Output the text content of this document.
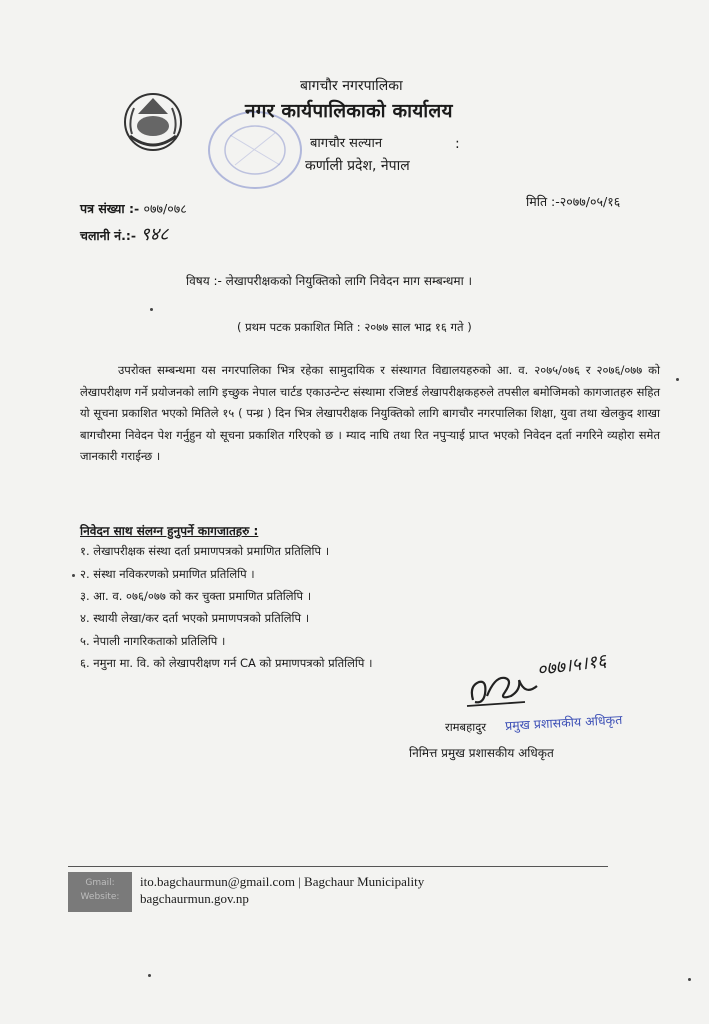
बागचौर नगरपालिका
नगर कार्यपालिकाको कार्यालय
बागचौर सल्यान	:
कर्णाली प्रदेश, नेपाल
पत्र संख्या :- ०७७/०७८
चलानी नं.:- ९४८
मिति :-२०७७/०५/१६
विषय :- लेखापरीक्षकको नियुक्तिको लागि निवेदन माग सम्बन्धमा ।
( प्रथम पटक प्रकाशित मिति : २०७७ साल भाद्र १६ गते )
उपरोक्त सम्बन्धमा यस नगरपालिका भित्र रहेका सामुदायिक र संस्थागत विद्यालयहरुको आ. व. २०७५/०७६ र २०७६/०७७ को लेखापरीक्षण गर्ने प्रयोजनको लागि इच्छुक नेपाल चार्टड एकाउन्टेन्ट संस्थामा रजिष्टर्ड लेखापरीक्षकहरुले तपसील बमोजिमको कागजातहरु सहित यो सूचना प्रकाशित भएको मितिले १५ ( पन्ध्र ) दिन भित्र लेखापरीक्षक नियुक्तिको लागि बागचौर नगरपालिका शिक्षा, युवा तथा खेलकुद शाखा बागचौरमा निवेदन पेश गर्नुहुन यो सूचना प्रकाशित गरिएको छ । म्याद नाघि तथा रित नपुऱ्याई प्राप्त भएको निवेदन दर्ता नगरिने व्यहोरा समेत जानकारी गराईन्छ ।
निवेदन साथ संलग्न हुनुपर्ने कागजातहरु :
१. लेखापरीक्षक संस्था दर्ता प्रमाणपत्रको प्रमाणित प्रतिलिपि ।
२. संस्था नविकरणको प्रमाणित प्रतिलिपि ।
३. आ. व. ०७६/०७७ को कर चुक्ता प्रमाणित प्रतिलिपि ।
४. स्थायी लेखा/कर दर्ता भएको प्रमाणपत्रको प्रतिलिपि ।
५. नेपाली नागरिकताको प्रतिलिपि ।
६. नमुना मा. वि. को लेखापरीक्षण गर्न CA को प्रमाणपत्रको प्रतिलिपि ।	०७७।५।१६
रामबहादुर प्रमुख प्रशासकीय अधिकृत
निमित्त प्रमुख प्रशासकीय अधिकृत
Gmail:
Website:
ito.bagchaurmun@gmail.com | Bagchaur Municipality
bagchaurmun.gov.np
